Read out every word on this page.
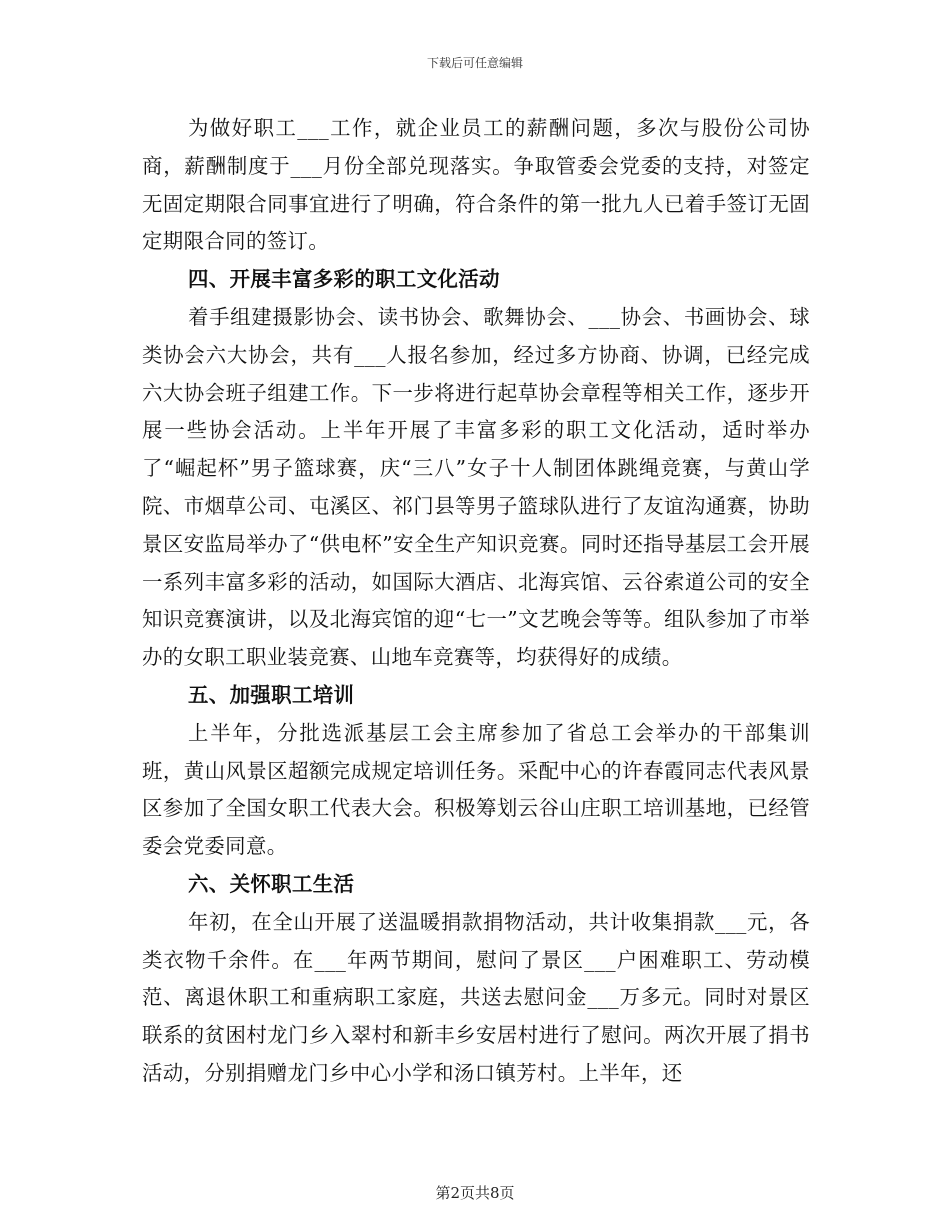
下载后可任意编辑

为做好职工___工作，就企业员工的薪酬问题，多次与股份公司协商，薪酬制度于___月份全部兑现落实。争取管委会党委的支持，对签定无固定期限合同事宜进行了明确，符合条件的第一批九人已着手签订无固定期限合同的签订。

四、开展丰富多彩的职工文化活动

着手组建摄影协会、读书协会、歌舞协会、___协会、书画协会、球类协会六大协会，共有___人报名参加，经过多方协商、协调，已经完成六大协会班子组建工作。下一步将进行起草协会章程等相关工作，逐步开展一些协会活动。上半年开展了丰富多彩的职工文化活动，适时举办了“崛起杯”男子篮球赛，庆“三八”女子十人制团体跳绳竞赛，与黄山学院、市烟草公司、屯溪区、祁门县等男子篮球队进行了友谊沟通赛，协助景区安监局举办了“供电杯”安全生产知识竞赛。同时还指导基层工会开展一系列丰富多彩的活动，如国际大酒店、北海宾馆、云谷索道公司的安全知识竞赛演讲，以及北海宾馆的迎“七一”文艺晚会等等。组队参加了市举办的女职工职业装竞赛、山地车竞赛等，均获得好的成绩。

五、加强职工培训

上半年，分批选派基层工会主席参加了省总工会举办的干部集训班，黄山风景区超额完成规定培训任务。采配中心的许春霞同志代表风景区参加了全国女职工代表大会。积极筹划云谷山庄职工培训基地，已经管委会党委同意。

六、关怀职工生活

年初，在全山开展了送温暖捐款捐物活动，共计收集捐款___元，各类衣物千余件。在___年两节期间，慰问了景区___户困难职工、劳动模范、离退休职工和重病职工家庭，共送去慰问金___万多元。同时对景区联系的贫困村龙门乡入翠村和新丰乡安居村进行了慰问。两次开展了捐书活动，分别捐赠龙门乡中心小学和汤口镇芳村。上半年，还

第2页共8页
